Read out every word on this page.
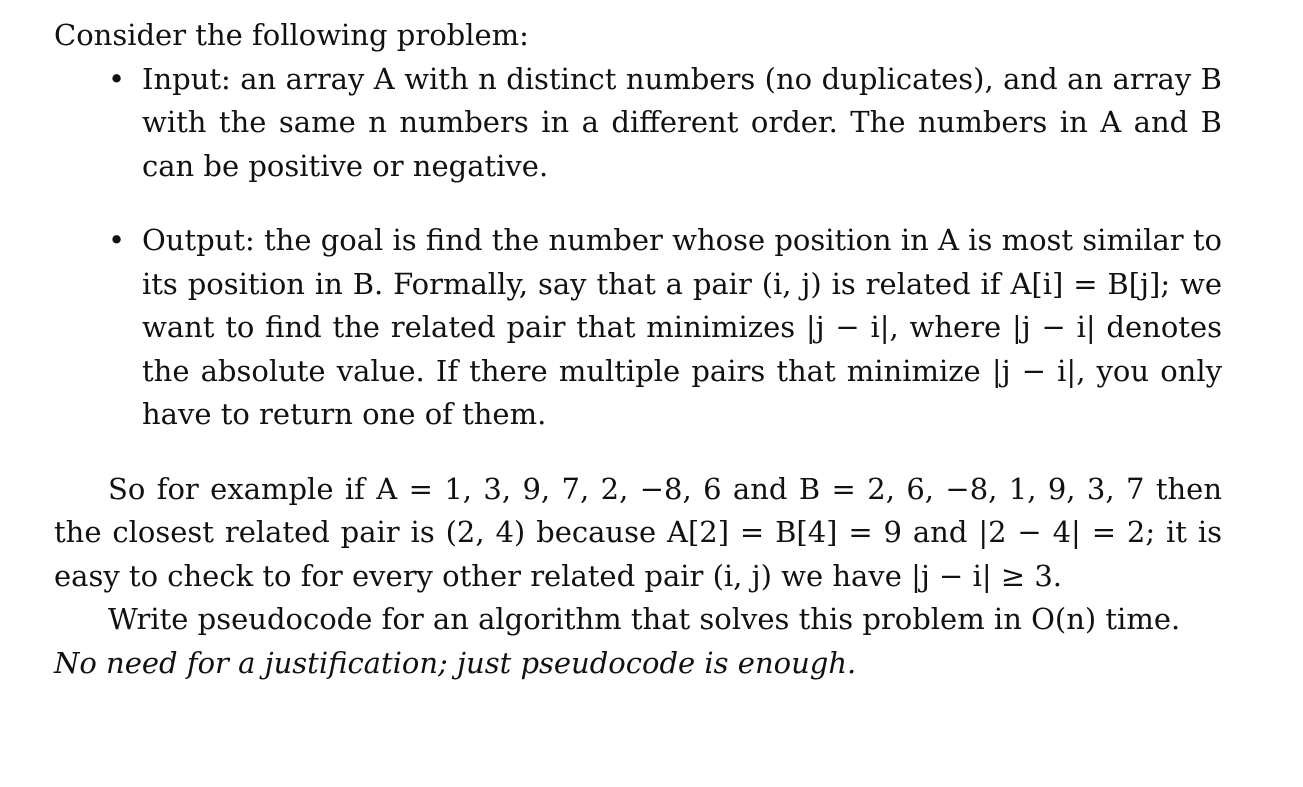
Consider the following problem:

• Input: an array A with n distinct numbers (no duplicates), and an array B with the same n numbers in a different order. The numbers in A and B can be positive or negative.
• Output: the goal is find the number whose position in A is most similar to its position in B. Formally, say that a pair (i, j) is related if A[i] = B[j]; we want to find the related pair that minimizes |j − i|, where |j − i| denotes the absolute value. If there multiple pairs that minimize |j − i|, you only have to return one of them.

So for example if A = 1, 3, 9, 7, 2, −8, 6 and B = 2, 6, −8, 1, 9, 3, 7 then the closest related pair is (2, 4) because A[2] = B[4] = 9 and |2 − 4| = 2; it is easy to check to for every other related pair (i, j) we have |j − i| ≥ 3.

Write pseudocode for an algorithm that solves this problem in O(n) time.

No need for a justification; just pseudocode is enough.
